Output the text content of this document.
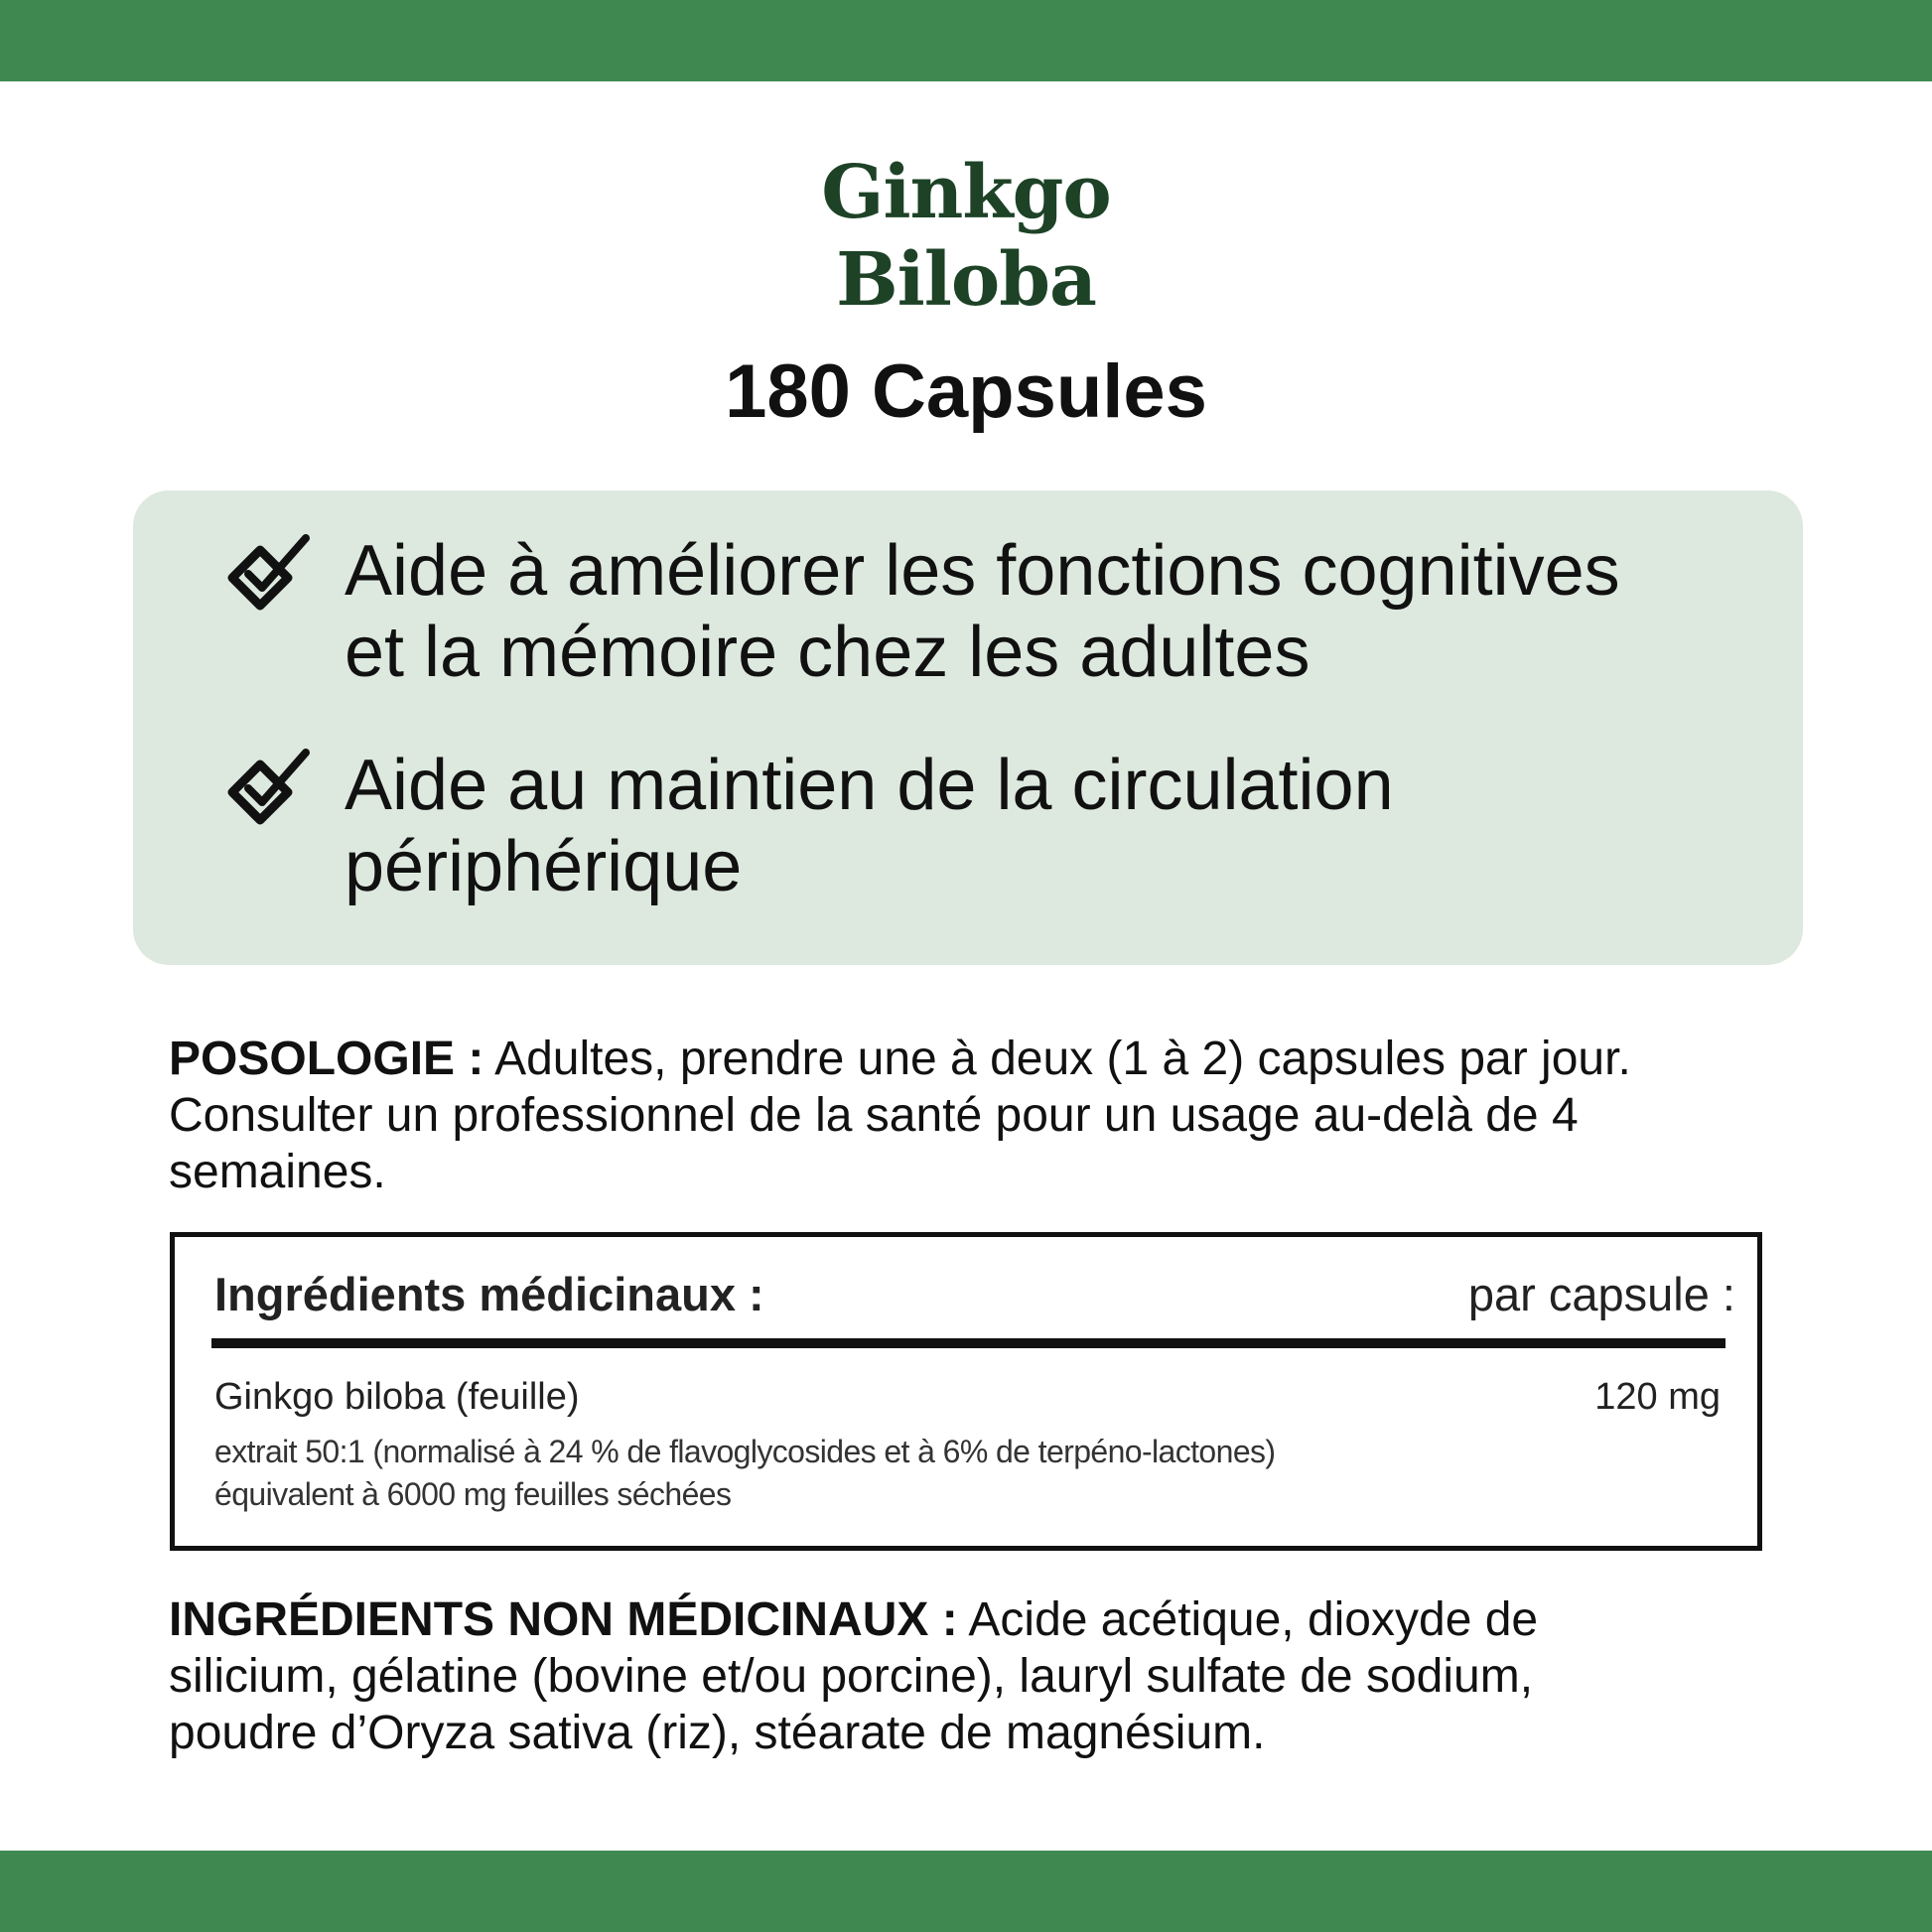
Ginkgo
Biloba
180 Capsules
Aide à améliorer les fonctions cognitives
et la mémoire chez les adultes
Aide au maintien de la circulation
périphérique
POSOLOGIE : Adultes, prendre une à deux (1 à 2) capsules par jour.
Consulter un professionnel de la santé pour un usage au-delà de 4
semaines.
Ingrédients médicinaux :	par capsule :
Ginkgo biloba (feuille)	120 mg
extrait 50:1 (normalisé à 24 % de flavoglycosides et à 6% de terpéno-lactones)
équivalent à 6000 mg feuilles séchées
INGRÉDIENTS NON MÉDICINAUX : Acide acétique, dioxyde de
silicium, gélatine (bovine et/ou porcine), lauryl sulfate de sodium,
poudre d’Oryza sativa (riz), stéarate de magnésium.
